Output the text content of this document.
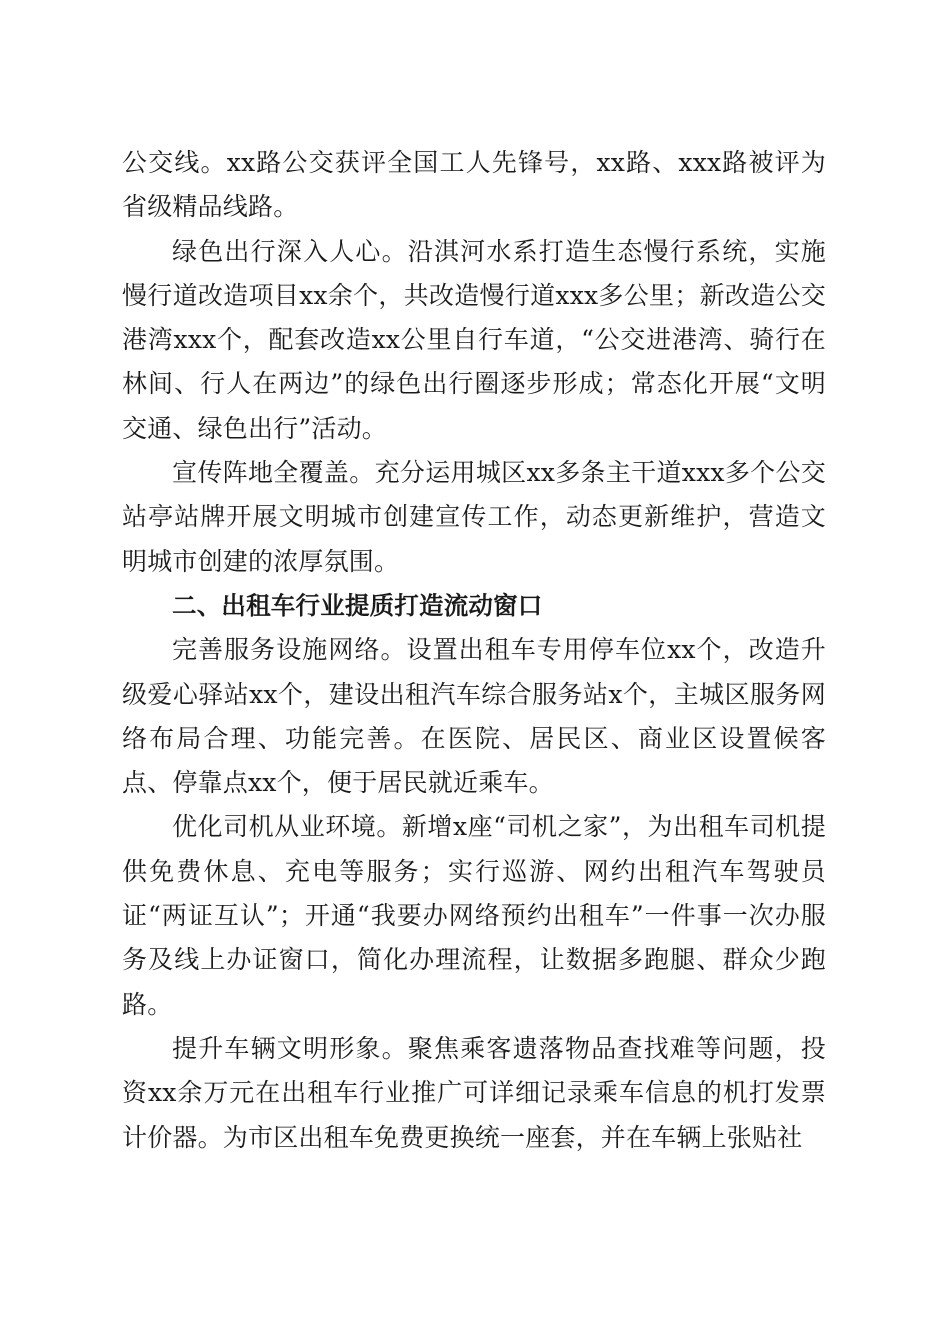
公交线。xx路公交获评全国工人先锋号，xx路、xxx路被评为省级精品线路。

绿色出行深入人心。沿淇河水系打造生态慢行系统，实施慢行道改造项目xx余个，共改造慢行道xxx多公里；新改造公交港湾xxx个，配套改造xx公里自行车道，“公交进港湾、骑行在林间、行人在两边”的绿色出行圈逐步形成；常态化开展“文明交通、绿色出行”活动。

宣传阵地全覆盖。充分运用城区xx多条主干道xxx多个公交站亭站牌开展文明城市创建宣传工作，动态更新维护，营造文明城市创建的浓厚氛围。

二、出租车行业提质打造流动窗口

完善服务设施网络。设置出租车专用停车位xx个，改造升级爱心驿站xx个，建设出租汽车综合服务站x个，主城区服务网络布局合理、功能完善。在医院、居民区、商业区设置候客点、停靠点xx个，便于居民就近乘车。

优化司机从业环境。新增x座“司机之家”，为出租车司机提供免费休息、充电等服务；实行巡游、网约出租汽车驾驶员证“两证互认”；开通“我要办网络预约出租车”一件事一次办服务及线上办证窗口，简化办理流程，让数据多跑腿、群众少跑路。

提升车辆文明形象。聚焦乘客遗落物品查找难等问题，投资xx余万元在出租车行业推广可详细记录乘车信息的机打发票计价器。为市区出租车免费更换统一座套，并在车辆上张贴社
